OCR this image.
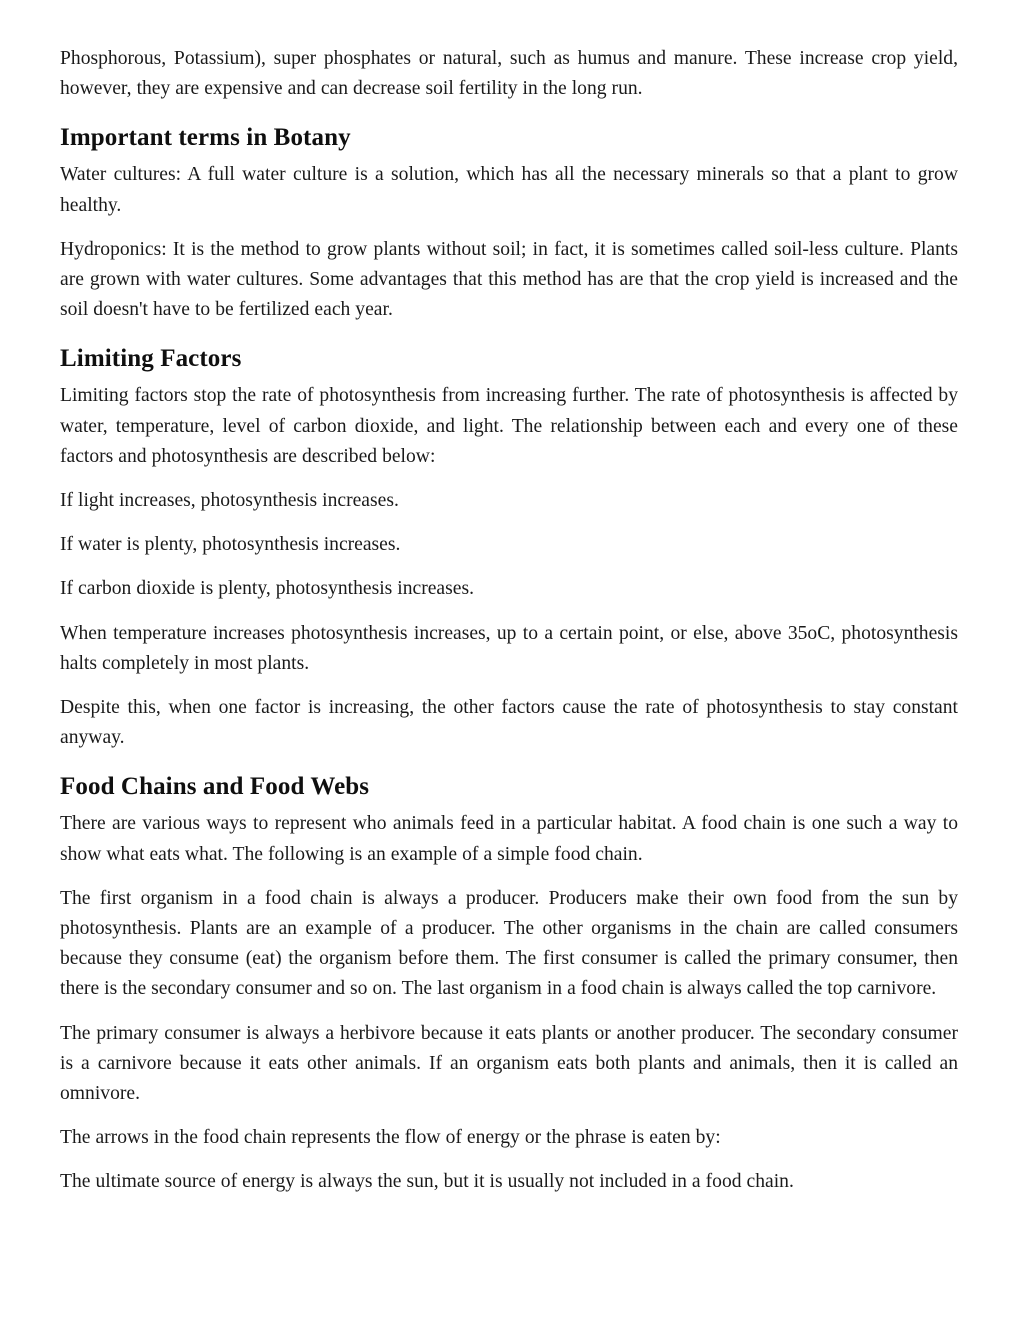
Phosphorous, Potassium), super phosphates or natural, such as humus and manure. These increase crop yield, however, they are expensive and can decrease soil fertility in the long run.

Important terms in Botany

Water cultures: A full water culture is a solution, which has all the necessary minerals so that a plant to grow healthy.

Hydroponics: It is the method to grow plants without soil; in fact, it is sometimes called soil-less culture. Plants are grown with water cultures. Some advantages that this method has are that the crop yield is increased and the soil doesn't have to be fertilized each year.

Limiting Factors

Limiting factors stop the rate of photosynthesis from increasing further. The rate of photosynthesis is affected by water, temperature, level of carbon dioxide, and light. The relationship between each and every one of these factors and photosynthesis are described below:

If light increases, photosynthesis increases.

If water is plenty, photosynthesis increases.

If carbon dioxide is plenty, photosynthesis increases.

When temperature increases photosynthesis increases, up to a certain point, or else, above 35oC, photosynthesis halts completely in most plants.

Despite this, when one factor is increasing, the other factors cause the rate of photosynthesis to stay constant anyway.

Food Chains and Food Webs

There are various ways to represent who animals feed in a particular habitat. A food chain is one such a way to show what eats what. The following is an example of a simple food chain.

The first organism in a food chain is always a producer. Producers make their own food from the sun by photosynthesis. Plants are an example of a producer. The other organisms in the chain are called consumers because they consume (eat) the organism before them. The first consumer is called the primary consumer, then there is the secondary consumer and so on. The last organism in a food chain is always called the top carnivore.

The primary consumer is always a herbivore because it eats plants or another producer. The secondary consumer is a carnivore because it eats other animals. If an organism eats both plants and animals, then it is called an omnivore.

The arrows in the food chain represents the flow of energy or the phrase is eaten by:

The ultimate source of energy is always the sun, but it is usually not included in a food chain.
